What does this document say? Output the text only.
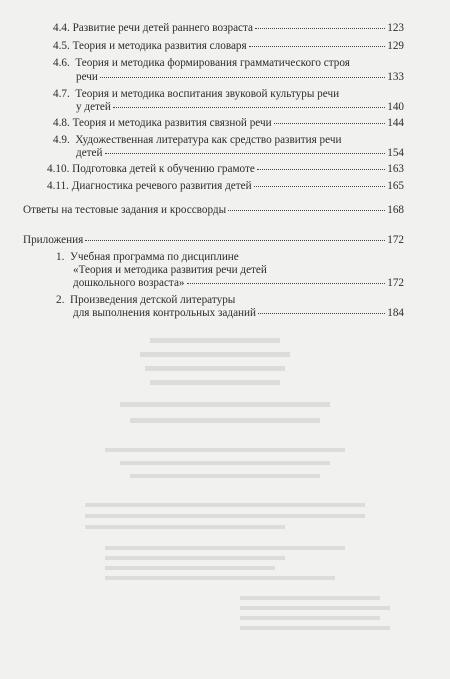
4.4.
Развитие речи детей раннего возраста	123
4.5.
Теория и методика развития словаря	129
4.6. Теория и методика формирования грамматического строя
речи	133
4.7. Теория и методика воспитания звуковой культуры речи
у детей	140
4.8.
Теория и методика развития связной речи	144
4.9. Художественная литература как средство развития речи
детей	154
4.10.
Подготовка детей к обучению грамоте	163
4.11.
Диагностика речевого развития детей	165
Ответы на тестовые задания и кроссворды	168
Приложения	172
1. Учебная программа по дисциплине
«Теория и методика развития речи детей
дошкольного возраста»	172
2. Произведения детской литературы
для выполнения контрольных заданий	184
